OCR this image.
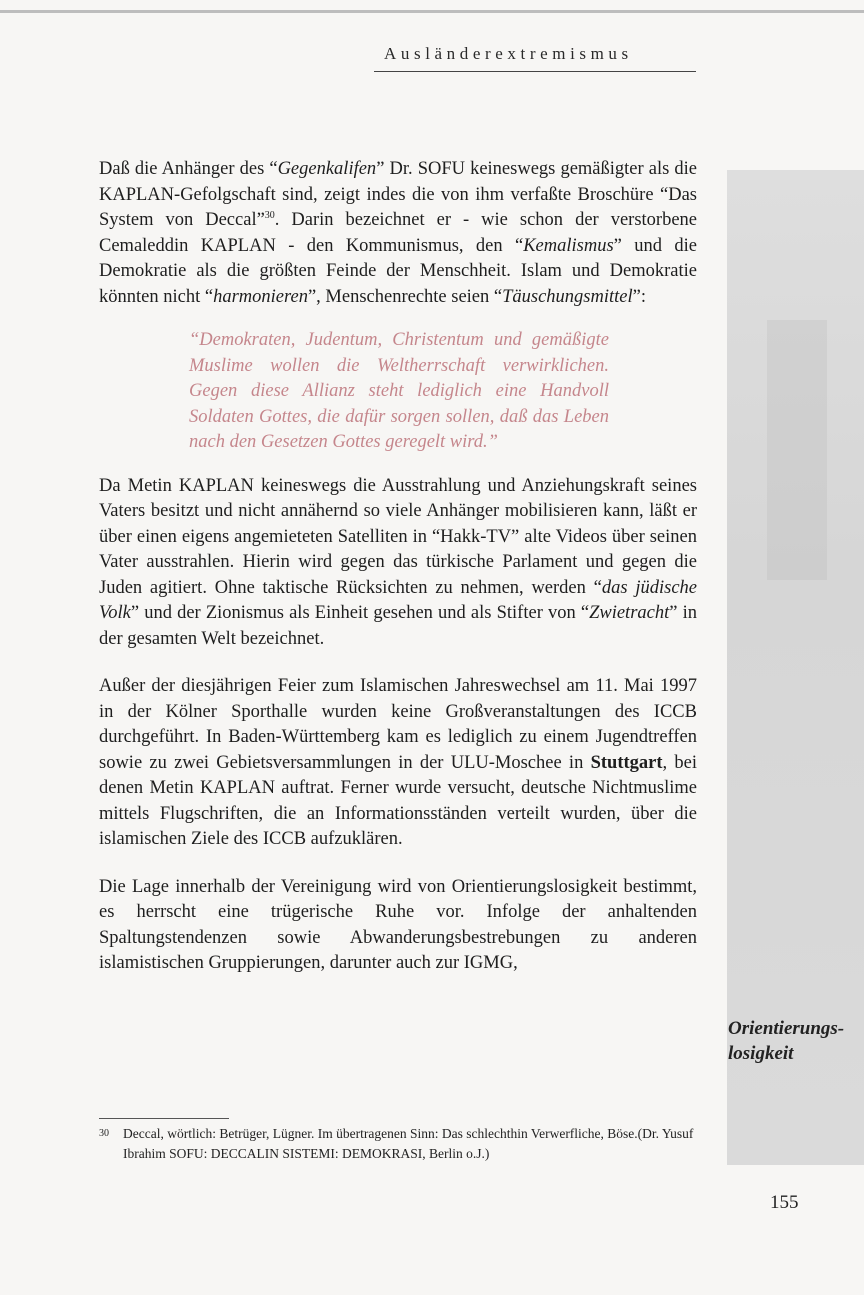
Ausländerextremismus

Daß die Anhänger des “Gegenkalifen” Dr. SOFU keineswegs gemäßigter als die KAPLAN-Gefolgschaft sind, zeigt indes die von ihm verfaßte Broschüre “Das System von Deccal”$^{30}$. Darin bezeichnet er - wie schon der verstorbene Cemaleddin KAPLAN - den Kommunismus, den “Kemalismus” und die Demokratie als die größten Feinde der Menschheit. Islam und Demokratie könnten nicht “harmonieren”, Menschenrechte seien “Täuschungsmittel”:

“Demokraten, Judentum, Christentum und gemäßigte Muslime wollen die Weltherrschaft verwirklichen. Gegen diese Allianz steht lediglich eine Handvoll Soldaten Gottes, die dafür sorgen sollen, daß das Leben nach den Gesetzen Gottes geregelt wird.”

Da Metin KAPLAN keineswegs die Ausstrahlung und Anziehungskraft seines Vaters besitzt und nicht annähernd so viele Anhänger mobilisieren kann, läßt er über einen eigens angemieteten Satelliten in “Hakk-TV” alte Videos über seinen Vater ausstrahlen. Hierin wird gegen das türkische Parlament und gegen die Juden agitiert. Ohne taktische Rücksichten zu nehmen, werden “das jüdische Volk” und der Zionismus als Einheit gesehen und als Stifter von “Zwietracht” in der gesamten Welt bezeichnet.

Außer der diesjährigen Feier zum Islamischen Jahreswechsel am 11. Mai 1997 in der Kölner Sporthalle wurden keine Großveranstaltungen des ICCB durchgeführt. In Baden-Württemberg kam es lediglich zu einem Jugendtreffen sowie zu zwei Gebietsversammlungen in der ULU-Moschee in Stuttgart, bei denen Metin KAPLAN auftrat. Ferner wurde versucht, deutsche Nichtmuslime mittels Flugschriften, die an Informationsständen verteilt wurden, über die islamischen Ziele des ICCB aufzuklären.

Die Lage innerhalb der Vereinigung wird von Orientierungslosigkeit bestimmt, es herrscht eine trügerische Ruhe vor. Infolge der anhaltenden Spaltungstendenzen sowie Abwanderungsbestrebungen zu anderen islamistischen Gruppierungen, darunter auch zur IGMG,

Orientierungs-
losigkeit
30 Deccal, wörtlich: Betrüger, Lügner. Im übertragenen Sinn: Das schlechthin Verwerfliche, Böse.(Dr. Yusuf Ibrahim SOFU: DECCALIN SISTEMI: DEMOKRASI, Berlin o.J.)
155
